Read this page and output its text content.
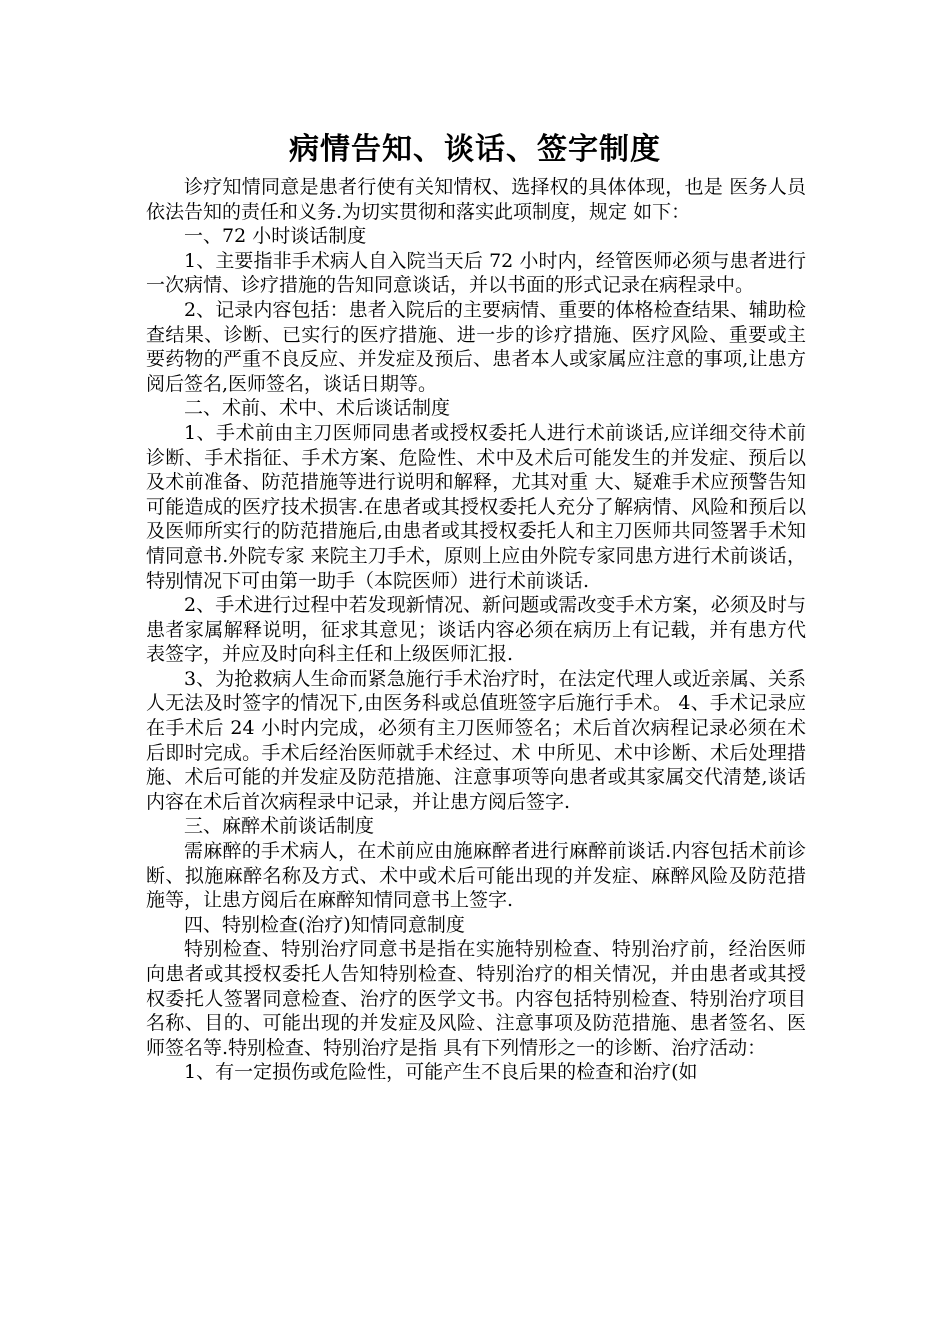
病情告知、谈话、签字制度

诊疗知情同意是患者行使有关知情权、选择权的具体体现，也是 医务人员依法告知的责任和义务.为切实贯彻和落实此项制度，规定 如下：

一、72 小时谈话制度

1、主要指非手术病人自入院当天后 72 小时内，经管医师必须与患者进行一次病情、诊疗措施的告知同意谈话，并以书面的形式记录在病程录中。

2、记录内容包括：患者入院后的主要病情、重要的体格检查结果、辅助检查结果、诊断、已实行的医疗措施、进一步的诊疗措施、医疗风险、重要或主要药物的严重不良反应、并发症及预后、患者本人或家属应注意的事项,让患方阅后签名,医师签名，谈话日期等。

二、术前、术中、术后谈话制度

1、手术前由主刀医师同患者或授权委托人进行术前谈话,应详细交待术前诊断、手术指征、手术方案、危险性、术中及术后可能发生的并发症、预后以及术前准备、防范措施等进行说明和解释，尤其对重 大、疑难手术应预警告知可能造成的医疗技术损害.在患者或其授权委托人充分了解病情、风险和预后以及医师所实行的防范措施后,由患者或其授权委托人和主刀医师共同签署手术知情同意书.外院专家 来院主刀手术，原则上应由外院专家同患方进行术前谈话，特别情况下可由第一助手（本院医师）进行术前谈话.

2、手术进行过程中若发现新情况、新问题或需改变手术方案，必须及时与患者家属解释说明，征求其意见；谈话内容必须在病历上有记载，并有患方代表签字，并应及时向科主任和上级医师汇报.

3、为抢救病人生命而紧急施行手术治疗时，在法定代理人或近亲属、关系人无法及时签字的情况下,由医务科或总值班签字后施行手术。 4、手术记录应在手术后 24 小时内完成，必须有主刀医师签名；术后首次病程记录必须在术后即时完成。手术后经治医师就手术经过、术 中所见、术中诊断、术后处理措施、术后可能的并发症及防范措施、注意事项等向患者或其家属交代清楚,谈话内容在术后首次病程录中记录，并让患方阅后签字.

三、麻醉术前谈话制度

需麻醉的手术病人，在术前应由施麻醉者进行麻醉前谈话.内容包括术前诊断、拟施麻醉名称及方式、术中或术后可能出现的并发症、麻醉风险及防范措施等，让患方阅后在麻醉知情同意书上签字.

四、特别检查(治疗)知情同意制度

特别检查、特别治疗同意书是指在实施特别检查、特别治疗前，经治医师向患者或其授权委托人告知特别检查、特别治疗的相关情况，并由患者或其授权委托人签署同意检查、治疗的医学文书。内容包括特别检查、特别治疗项目名称、目的、可能出现的并发症及风险、注意事项及防范措施、患者签名、医师签名等.特别检查、特别治疗是指 具有下列情形之一的诊断、治疗活动：

1、有一定损伤或危险性，可能产生不良后果的检查和治疗(如
